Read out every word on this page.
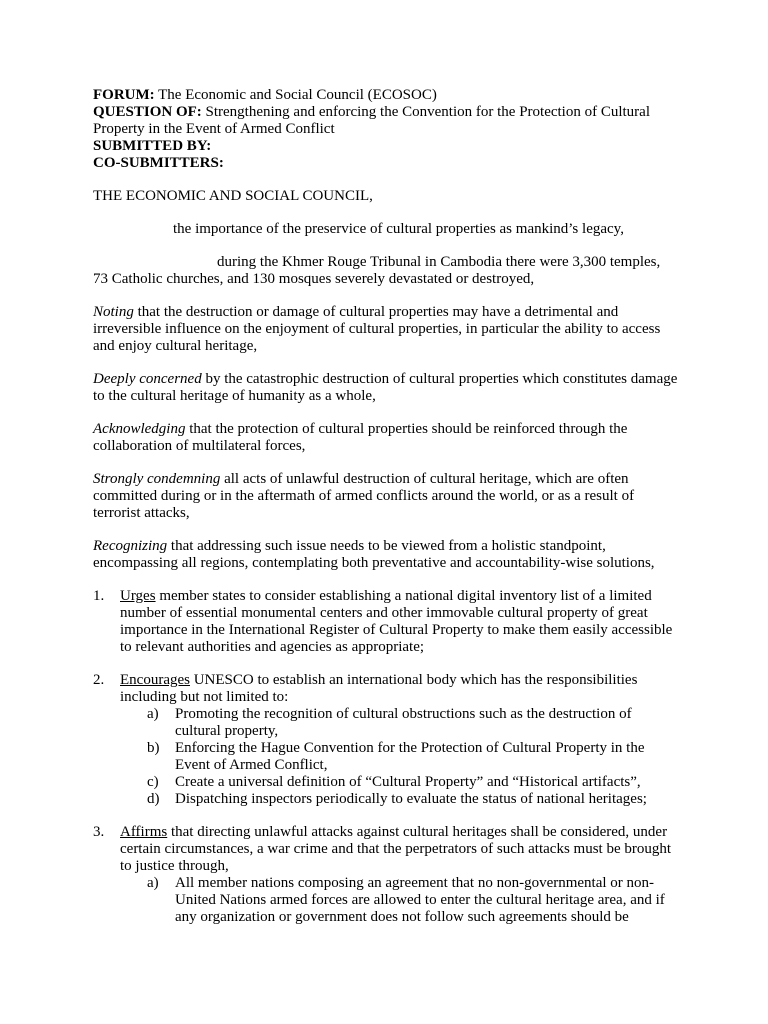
FORUM: The Economic and Social Council (ECOSOC)

QUESTION OF: Strengthening and enforcing the Convention for the Protection of Cultural Property in the Event of Armed Conflict

SUBMITTED BY:

CO-SUBMITTERS:

THE ECONOMIC AND SOCIAL COUNCIL,

the importance of the preservice of cultural properties as mankind’s legacy,

during the Khmer Rouge Tribunal in Cambodia there were 3,300 temples, 73 Catholic churches, and 130 mosques severely devastated or destroyed,

Noting that the destruction or damage of cultural properties may have a detrimental and irreversible influence on the enjoyment of cultural properties, in particular the ability to access and enjoy cultural heritage,

Deeply concerned by the catastrophic destruction of cultural properties which constitutes damage to the cultural heritage of humanity as a whole,

Acknowledging that the protection of cultural properties should be reinforced through the collaboration of multilateral forces,

Strongly condemning all acts of unlawful destruction of cultural heritage, which are often committed during or in the aftermath of armed conflicts around the world, or as a result of terrorist attacks,

Recognizing that addressing such issue needs to be viewed from a holistic standpoint, encompassing all regions, contemplating both preventative and accountability-wise solutions,

1. Urges member states to consider establishing a national digital inventory list of a limited number of essential monumental centers and other immovable cultural property of great importance in the International Register of Cultural Property to make them easily accessible to relevant authorities and agencies as appropriate;
2. Encourages UNESCO to establish an international body which has the responsibilities including but not limited to:
a) Promoting the recognition of cultural obstructions such as the destruction of cultural property,
b) Enforcing the Hague Convention for the Protection of Cultural Property in the Event of Armed Conflict,
c) Create a universal definition of “Cultural Property” and “Historical artifacts”,
d) Dispatching inspectors periodically to evaluate the status of national heritages;
3. Affirms that directing unlawful attacks against cultural heritages shall be considered, under certain circumstances, a war crime and that the perpetrators of such attacks must be brought to justice through,
a) All member nations composing an agreement that no non-governmental or non-United Nations armed forces are allowed to enter the cultural heritage area, and if any organization or government does not follow such agreements should be
